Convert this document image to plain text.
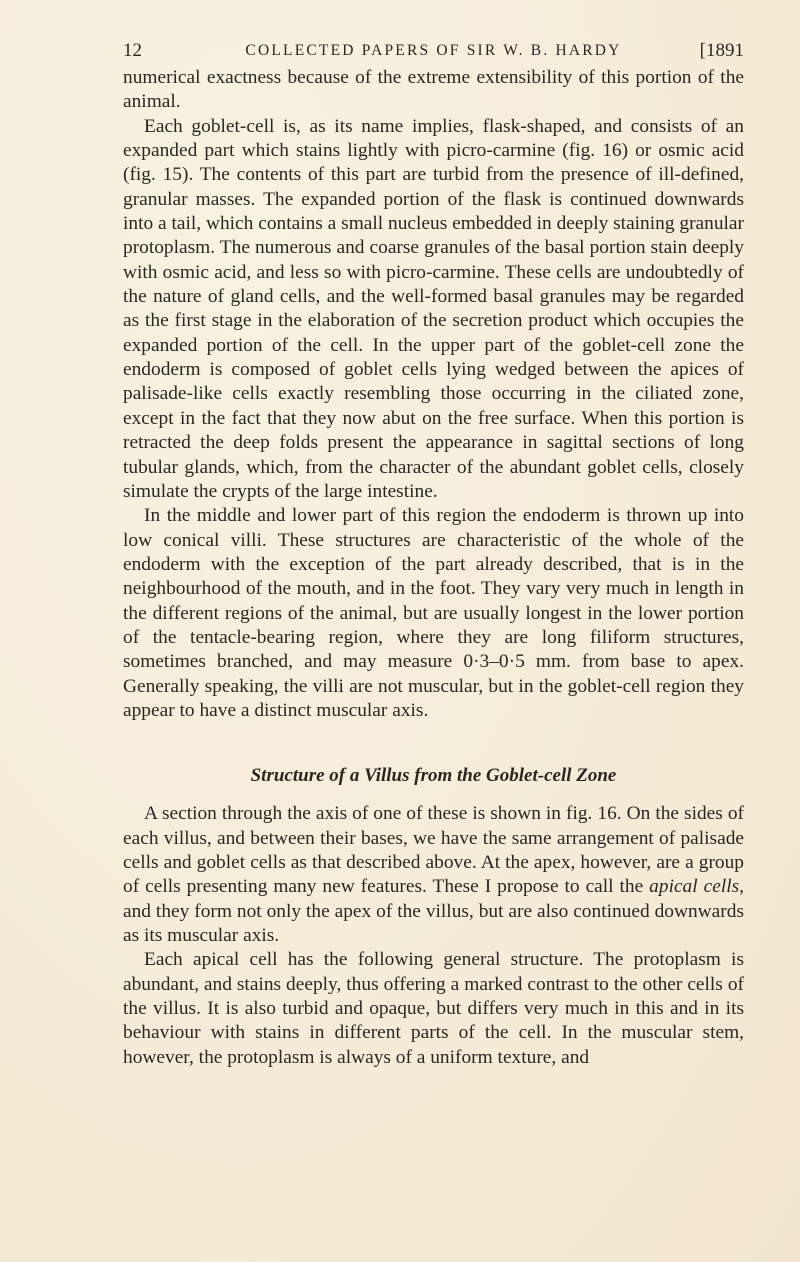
12	COLLECTED PAPERS OF SIR W. B. HARDY	[1891

numerical exactness because of the extreme extensibility of this portion of the animal.

Each goblet-cell is, as its name implies, flask-shaped, and consists of an expanded part which stains lightly with picro-carmine (fig. 16) or osmic acid (fig. 15). The contents of this part are turbid from the presence of ill-defined, granular masses. The expanded portion of the flask is continued downwards into a tail, which contains a small nucleus embedded in deeply staining granular protoplasm. The numerous and coarse granules of the basal portion stain deeply with osmic acid, and less so with picro-carmine. These cells are undoubtedly of the nature of gland cells, and the well-formed basal granules may be regarded as the first stage in the elaboration of the secretion product which occupies the expanded portion of the cell. In the upper part of the goblet-cell zone the endoderm is composed of goblet cells lying wedged between the apices of palisade-like cells exactly resembling those occurring in the ciliated zone, except in the fact that they now abut on the free surface. When this portion is retracted the deep folds present the appearance in sagittal sections of long tubular glands, which, from the character of the abundant goblet cells, closely simulate the crypts of the large intestine.

In the middle and lower part of this region the endoderm is thrown up into low conical villi. These structures are characteristic of the whole of the endoderm with the exception of the part already described, that is in the neighbourhood of the mouth, and in the foot. They vary very much in length in the different regions of the animal, but are usually longest in the lower portion of the tentacle-bearing region, where they are long filiform structures, sometimes branched, and may measure 0·3–0·5 mm. from base to apex. Generally speaking, the villi are not muscular, but in the goblet-cell region they appear to have a distinct muscular axis.

Structure of a Villus from the Goblet-cell Zone

A section through the axis of one of these is shown in fig. 16. On the sides of each villus, and between their bases, we have the same arrangement of palisade cells and goblet cells as that described above. At the apex, however, are a group of cells presenting many new features. These I propose to call the apical cells, and they form not only the apex of the villus, but are also continued downwards as its muscular axis.

Each apical cell has the following general structure. The protoplasm is abundant, and stains deeply, thus offering a marked contrast to the other cells of the villus. It is also turbid and opaque, but differs very much in this and in its behaviour with stains in different parts of the cell. In the muscular stem, however, the protoplasm is always of a uniform texture, and
